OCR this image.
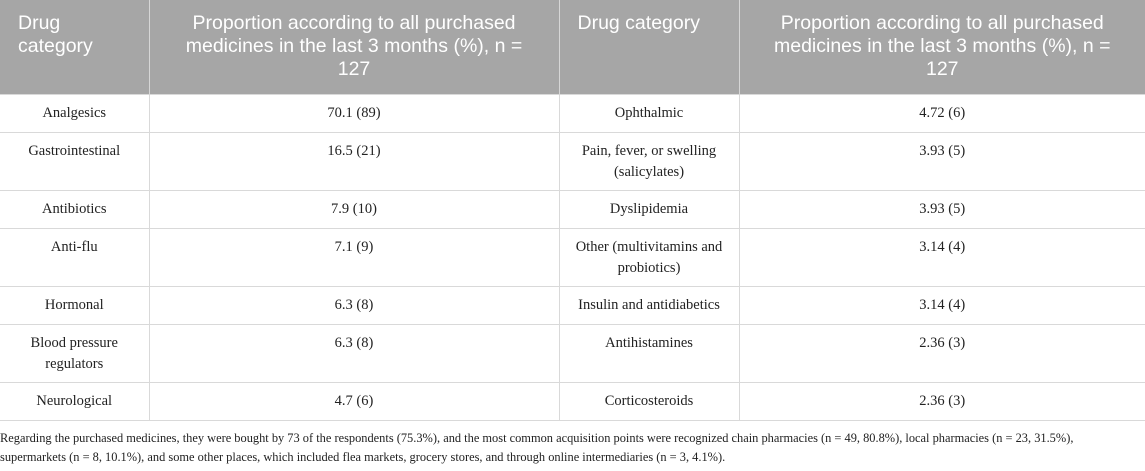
Drug category	Proportion according to all purchased medicines in the last 3 months (%), n = 127	Drug category	Proportion according to all purchased medicines in the last 3 months (%), n = 127
Analgesics	70.1 (89)	Ophthalmic	4.72 (6)
Gastrointestinal	16.5 (21)	Pain, fever, or swelling (salicylates)	3.93 (5)
Antibiotics	7.9 (10)	Dyslipidemia	3.93 (5)
Anti-flu	7.1 (9)	Other (multivitamins and probiotics)	3.14 (4)
Hormonal	6.3 (8)	Insulin and antidiabetics	3.14 (4)
Blood pressure regulators	6.3 (8)	Antihistamines	2.36 (3)
Neurological	4.7 (6)	Corticosteroids	2.36 (3)

Regarding the purchased medicines, they were bought by 73 of the respondents (75.3%), and the most common acquisition points were recognized chain pharmacies (n = 49, 80.8%), local pharmacies (n = 23, 31.5%), supermarkets (n = 8, 10.1%), and some other places, which included flea markets, grocery stores, and through online intermediaries (n = 3, 4.1%).
